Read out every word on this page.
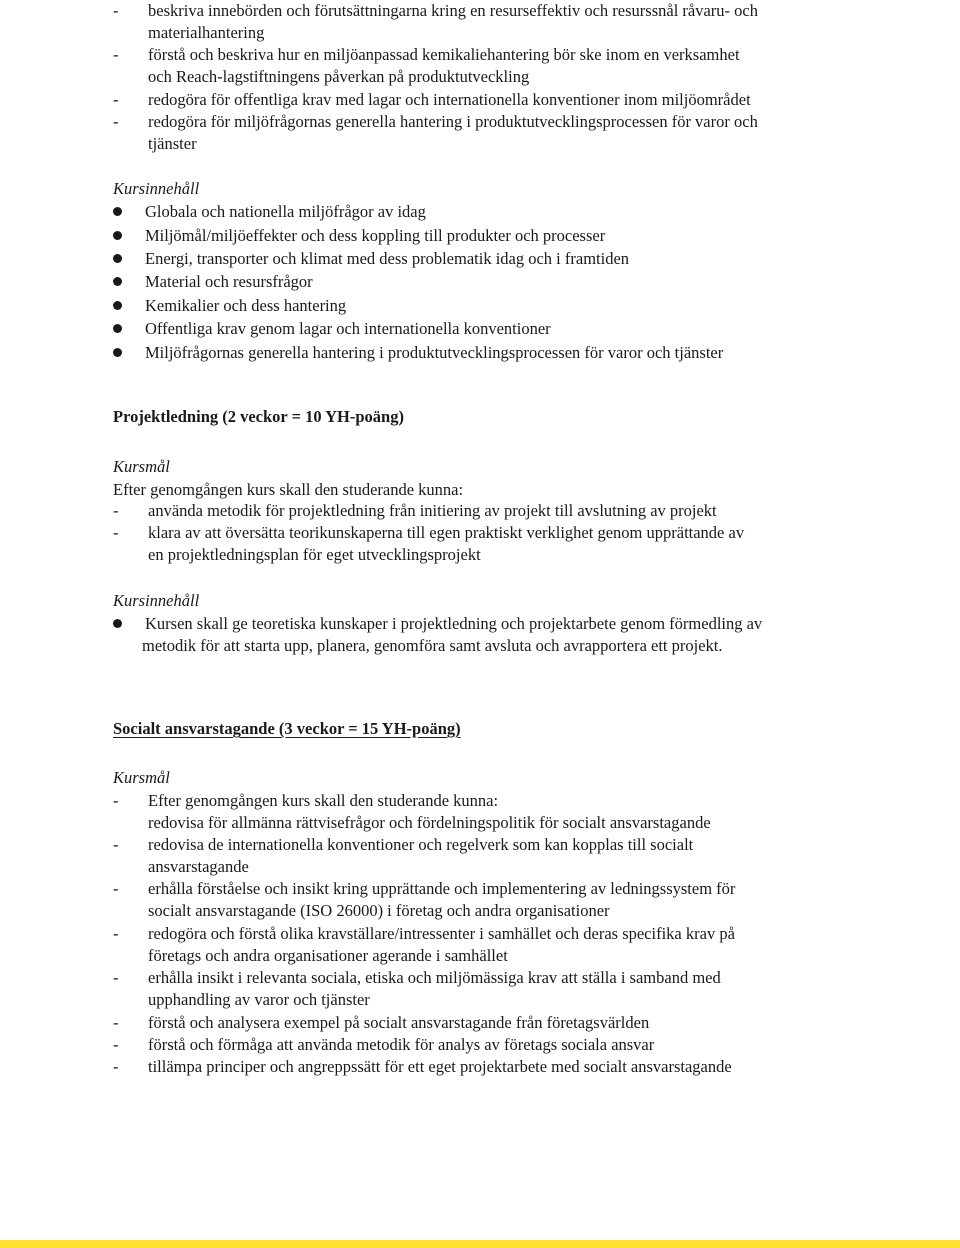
- beskriva innebörden och förutsättningarna kring en resurseffektiv och resurssnål råvaru- och
materialhantering
- förstå och beskriva hur en miljöanpassad kemikaliehantering bör ske inom en verksamhet
och Reach-lagstiftningens påverkan på produktutveckling
- redogöra för offentliga krav med lagar och internationella konventioner inom miljöområdet
- redogöra för miljöfrågornas generella hantering i produktutvecklingsprocessen för varor och
tjänster
Kursinnehåll
Globala och nationella miljöfrågor av idag
Miljömål/miljöeffekter och dess koppling till produkter och processer
Energi, transporter och klimat med dess problematik idag och i framtiden
Material och resursfrågor
Kemikalier och dess hantering
Offentliga krav genom lagar och internationella konventioner
Miljöfrågornas generella hantering i produktutvecklingsprocessen för varor och tjänster
Projektledning (2 veckor = 10 YH-poäng)
Kursmål
Efter genomgången kurs skall den studerande kunna:
- använda metodik för projektledning från initiering av projekt till avslutning av projekt
- klara av att översätta teorikunskaperna till egen praktiskt verklighet genom upprättande av
en projektledningsplan för eget utvecklingsprojekt
Kursinnehåll
Kursen skall ge teoretiska kunskaper i projektledning och projektarbete genom förmedling av
metodik för att starta upp, planera, genomföra samt avsluta och avrapportera ett projekt.
Socialt ansvarstagande (3 veckor = 15 YH-poäng)
Kursmål
- Efter genomgången kurs skall den studerande kunna:
redovisa för allmänna rättvisefrågor och fördelningspolitik för socialt ansvarstagande
- redovisa de internationella konventioner och regelverk som kan kopplas till socialt
ansvarstagande
- erhålla förståelse och insikt kring upprättande och implementering av ledningssystem för
socialt ansvarstagande (ISO 26000) i företag och andra organisationer
- redogöra och förstå olika kravställare/intressenter i samhället och deras specifika krav på
företags och andra organisationer agerande i samhället
- erhålla insikt i relevanta sociala, etiska och miljömässiga krav att ställa i samband med
upphandling av varor och tjänster
- förstå och analysera exempel på socialt ansvarstagande från företagsvärlden
- förstå och förmåga att använda metodik för analys av företags sociala ansvar
- tillämpa principer och angreppssätt för ett eget projektarbete med socialt ansvarstagande
